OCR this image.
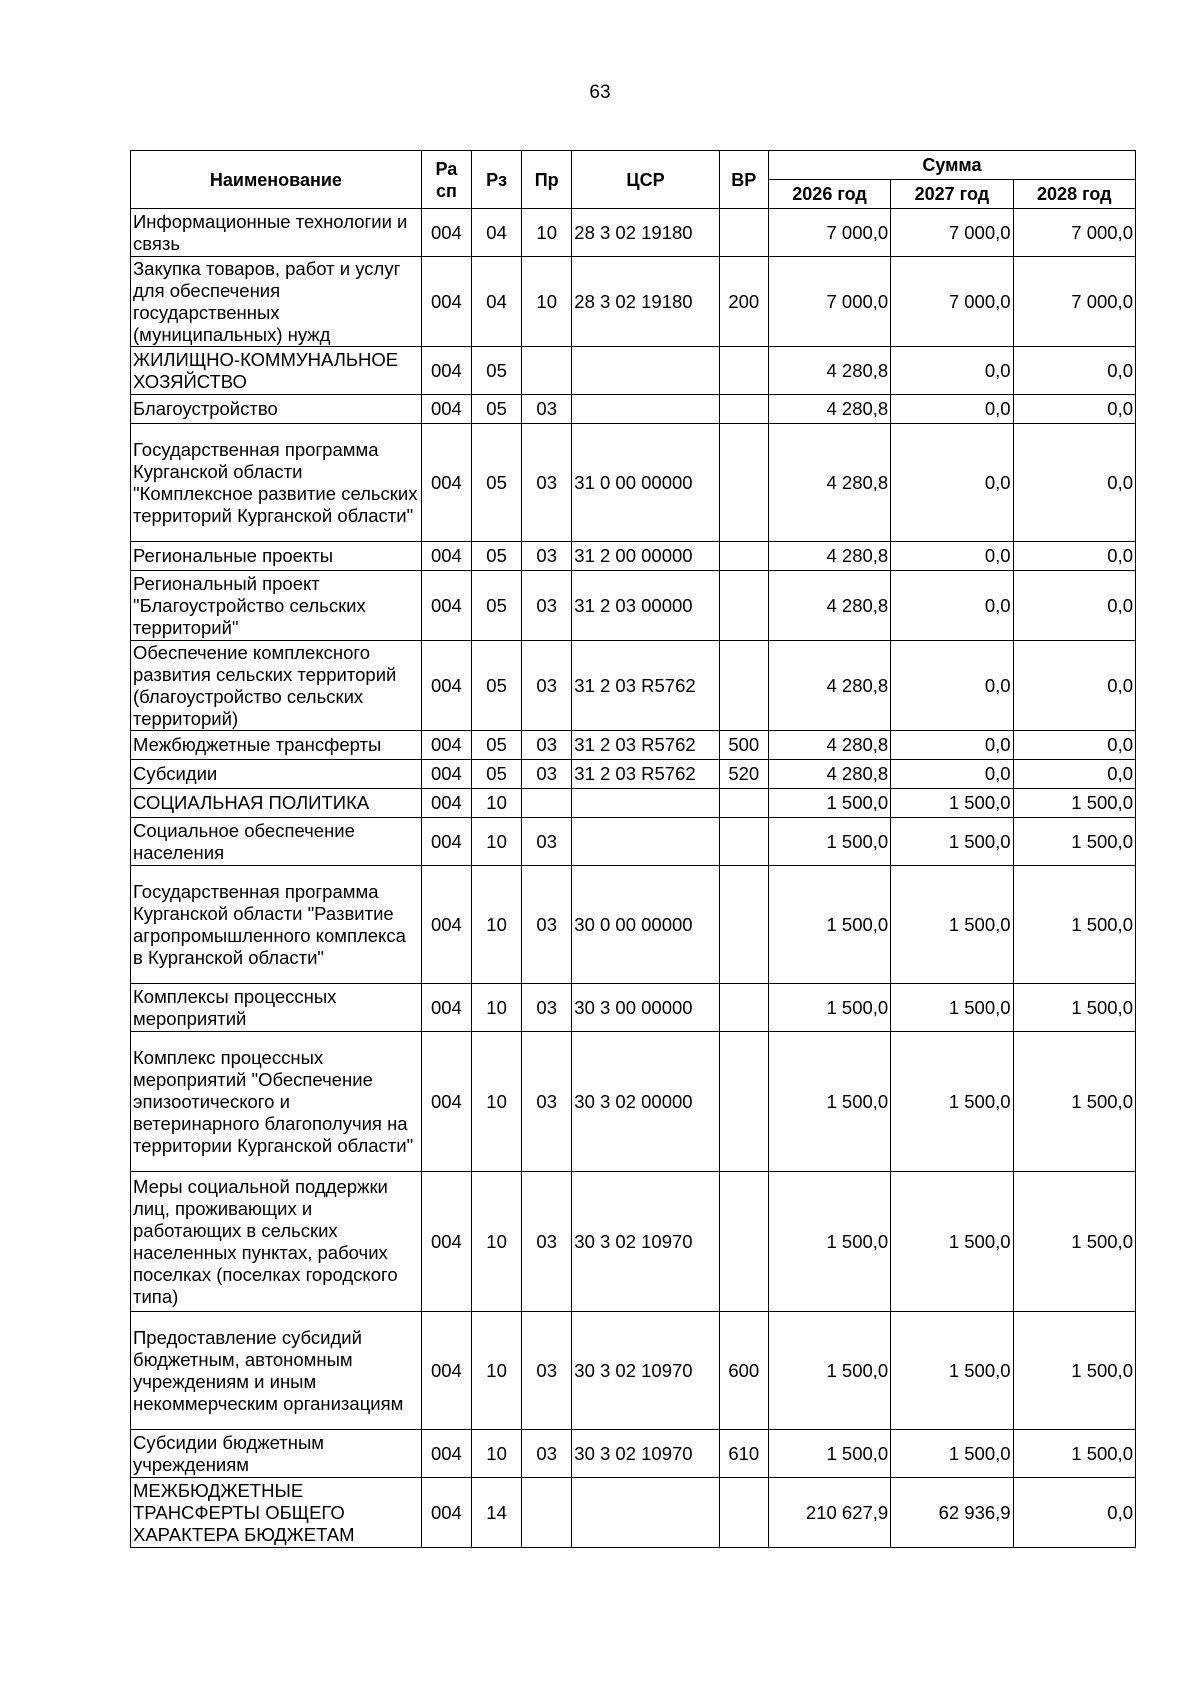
63
Наименование	Ра сп	Рз	Пр	ЦСР	ВР	Сумма		
						2026 год	2027 год	2028 год
Информационные технологии и связь	004	04	10	28 3 02 19180		7 000,0	7 000,0	7 000,0
Закупка товаров, работ и услуг для обеспечения государственных (муниципальных) нужд	004	04	10	28 3 02 19180	200	7 000,0	7 000,0	7 000,0
ЖИЛИЩНО-КОММУНАЛЬНОЕ ХОЗЯЙСТВО	004	05				4 280,8	0,0	0,0
Благоустройство	004	05	03			4 280,8	0,0	0,0
Государственная программа Курганской области "Комплексное развитие сельских территорий Курганской области"	004	05	03	31 0 00 00000		4 280,8	0,0	0,0
Региональные проекты	004	05	03	31 2 00 00000		4 280,8	0,0	0,0
Региональный проект "Благоустройство сельских территорий"	004	05	03	31 2 03 00000		4 280,8	0,0	0,0
Обеспечение комплексного развития сельских территорий (благоустройство сельских территорий)	004	05	03	31 2 03 R5762		4 280,8	0,0	0,0
Межбюджетные трансферты	004	05	03	31 2 03 R5762	500	4 280,8	0,0	0,0
Субсидии	004	05	03	31 2 03 R5762	520	4 280,8	0,0	0,0
СОЦИАЛЬНАЯ ПОЛИТИКА	004	10				1 500,0	1 500,0	1 500,0
Социальное обеспечение населения	004	10	03			1 500,0	1 500,0	1 500,0
Государственная программа Курганской области "Развитие агропромышленного комплекса в Курганской области"	004	10	03	30 0 00 00000		1 500,0	1 500,0	1 500,0
Комплексы процессных мероприятий	004	10	03	30 3 00 00000		1 500,0	1 500,0	1 500,0
Комплекс процессных мероприятий "Обеспечение эпизоотического и ветеринарного благополучия на территории Курганской области"	004	10	03	30 3 02 00000		1 500,0	1 500,0	1 500,0
Меры социальной поддержки лиц, проживающих и работающих в сельских населенных пунктах, рабочих поселках (поселках городского типа)	004	10	03	30 3 02 10970		1 500,0	1 500,0	1 500,0
Предоставление субсидий бюджетным, автономным учреждениям и иным некоммерческим организациям	004	10	03	30 3 02 10970	600	1 500,0	1 500,0	1 500,0
Субсидии бюджетным учреждениям	004	10	03	30 3 02 10970	610	1 500,0	1 500,0	1 500,0
МЕЖБЮДЖЕТНЫЕ ТРАНСФЕРТЫ ОБЩЕГО ХАРАКТЕРА БЮДЖЕТАМ	004	14				210 627,9	62 936,9	0,0
